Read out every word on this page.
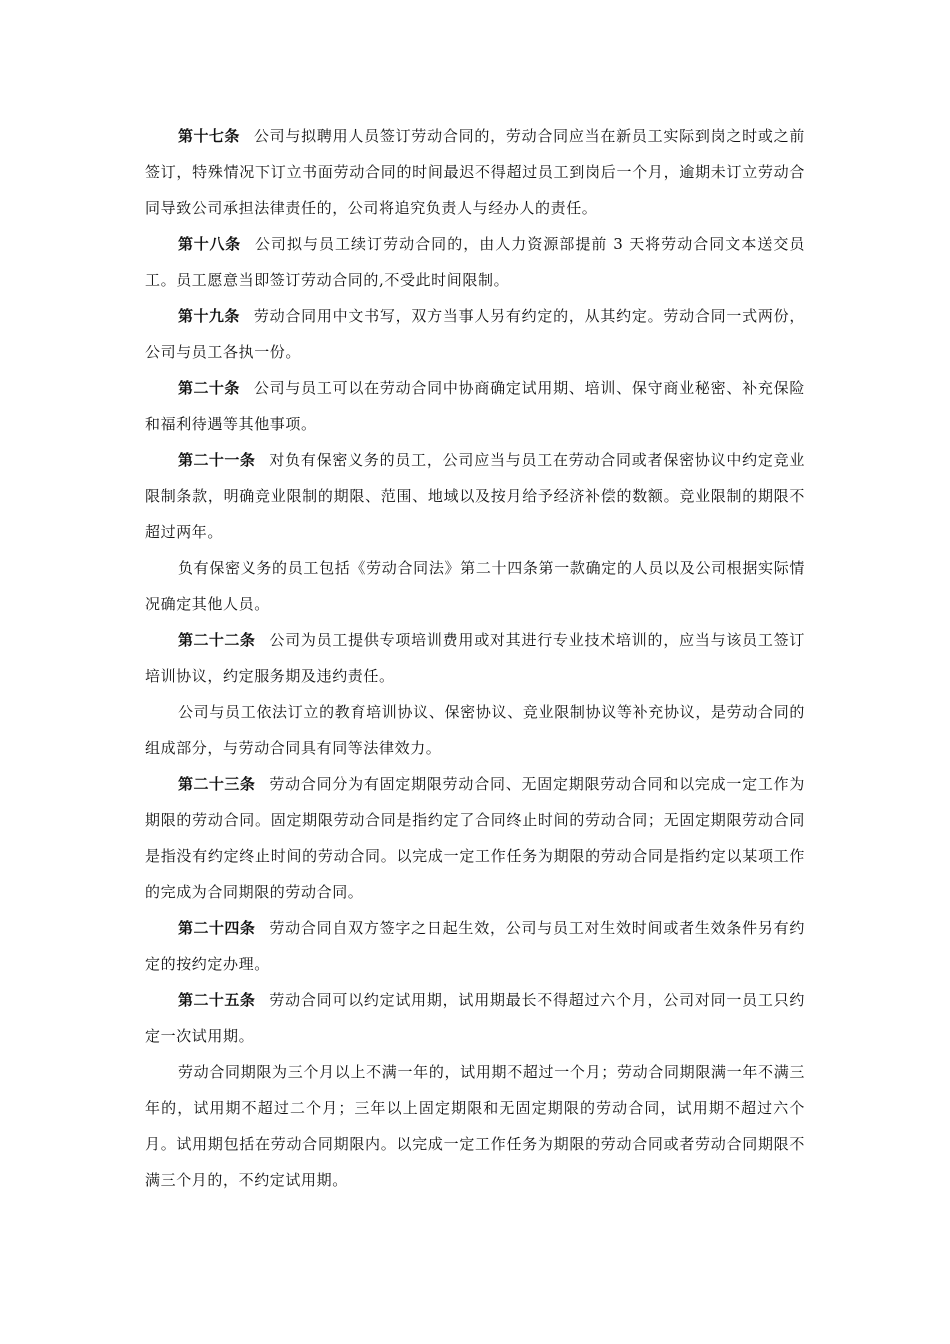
第十七条 公司与拟聘用人员签订劳动合同的，劳动合同应当在新员工实际到岗之时或之前签订，特殊情况下订立书面劳动合同的时间最迟不得超过员工到岗后一个月，逾期未订立劳动合同导致公司承担法律责任的，公司将追究负责人与经办人的责任。

第十八条 公司拟与员工续订劳动合同的，由人力资源部提前 3 天将劳动合同文本送交员工。员工愿意当即签订劳动合同的,不受此时间限制。

第十九条 劳动合同用中文书写，双方当事人另有约定的，从其约定。劳动合同一式两份，公司与员工各执一份。

第二十条 公司与员工可以在劳动合同中协商确定试用期、培训、保守商业秘密、补充保险和福利待遇等其他事项。

第二十一条 对负有保密义务的员工，公司应当与员工在劳动合同或者保密协议中约定竞业限制条款，明确竞业限制的期限、范围、地域以及按月给予经济补偿的数额。竞业限制的期限不超过两年。

负有保密义务的员工包括《劳动合同法》第二十四条第一款确定的人员以及公司根据实际情况确定其他人员。

第二十二条 公司为员工提供专项培训费用或对其进行专业技术培训的，应当与该员工签订培训协议，约定服务期及违约责任。

公司与员工依法订立的教育培训协议、保密协议、竞业限制协议等补充协议，是劳动合同的组成部分，与劳动合同具有同等法律效力。

第二十三条 劳动合同分为有固定期限劳动合同、无固定期限劳动合同和以完成一定工作为期限的劳动合同。固定期限劳动合同是指约定了合同终止时间的劳动合同；无固定期限劳动合同是指没有约定终止时间的劳动合同。以完成一定工作任务为期限的劳动合同是指约定以某项工作的完成为合同期限的劳动合同。

第二十四条 劳动合同自双方签字之日起生效，公司与员工对生效时间或者生效条件另有约定的按约定办理。

第二十五条 劳动合同可以约定试用期，试用期最长不得超过六个月，公司对同一员工只约定一次试用期。

劳动合同期限为三个月以上不满一年的，试用期不超过一个月；劳动合同期限满一年不满三年的，试用期不超过二个月；三年以上固定期限和无固定期限的劳动合同，试用期不超过六个月。试用期包括在劳动合同期限内。以完成一定工作任务为期限的劳动合同或者劳动合同期限不满三个月的，不约定试用期。
